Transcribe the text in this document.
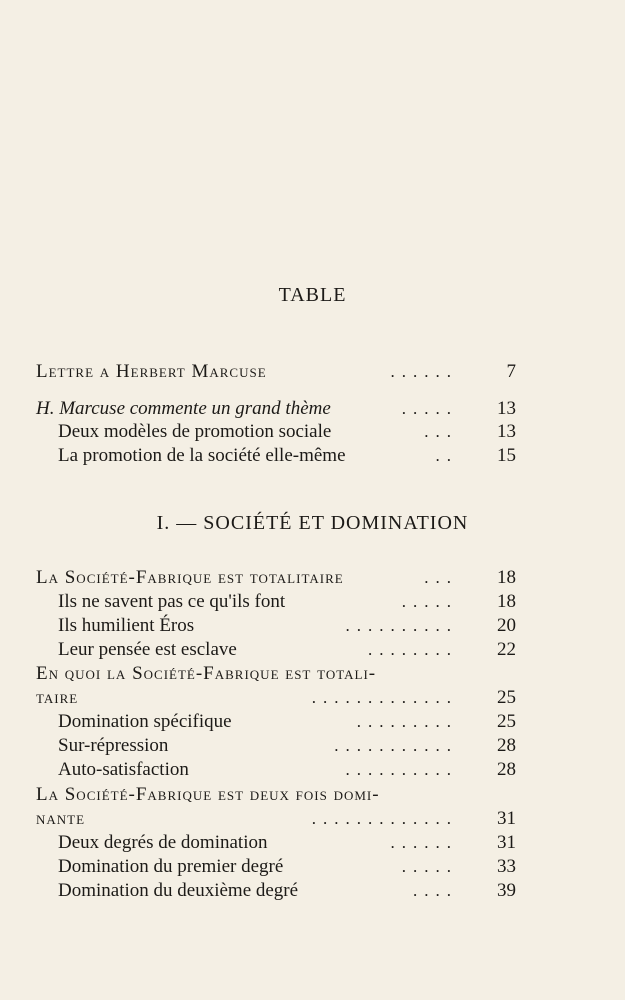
TABLE
Lettre a Herbert Marcuse	......	7
H. Marcuse commente un grand thème	.....	13
Deux modèles de promotion sociale	...	13
La promotion de la société elle-même	..	15
I. — SOCIÉTÉ ET DOMINATION
La Société-Fabrique est totalitaire	...	18
Ils ne savent pas ce qu'ils font	.....	18
Ils humilient Éros	..........	20
Leur pensée est esclave	........	22
En quoi la Société-Fabrique est totali-
taire	.............	25
Domination spécifique	.........	25
Sur-répression	...........	28
Auto-satisfaction	..........	28
La Société-Fabrique est deux fois domi-
nante	.............	31
Deux degrés de domination	......	31
Domination du premier degré	.....	33
Domination du deuxième degré	....	39
